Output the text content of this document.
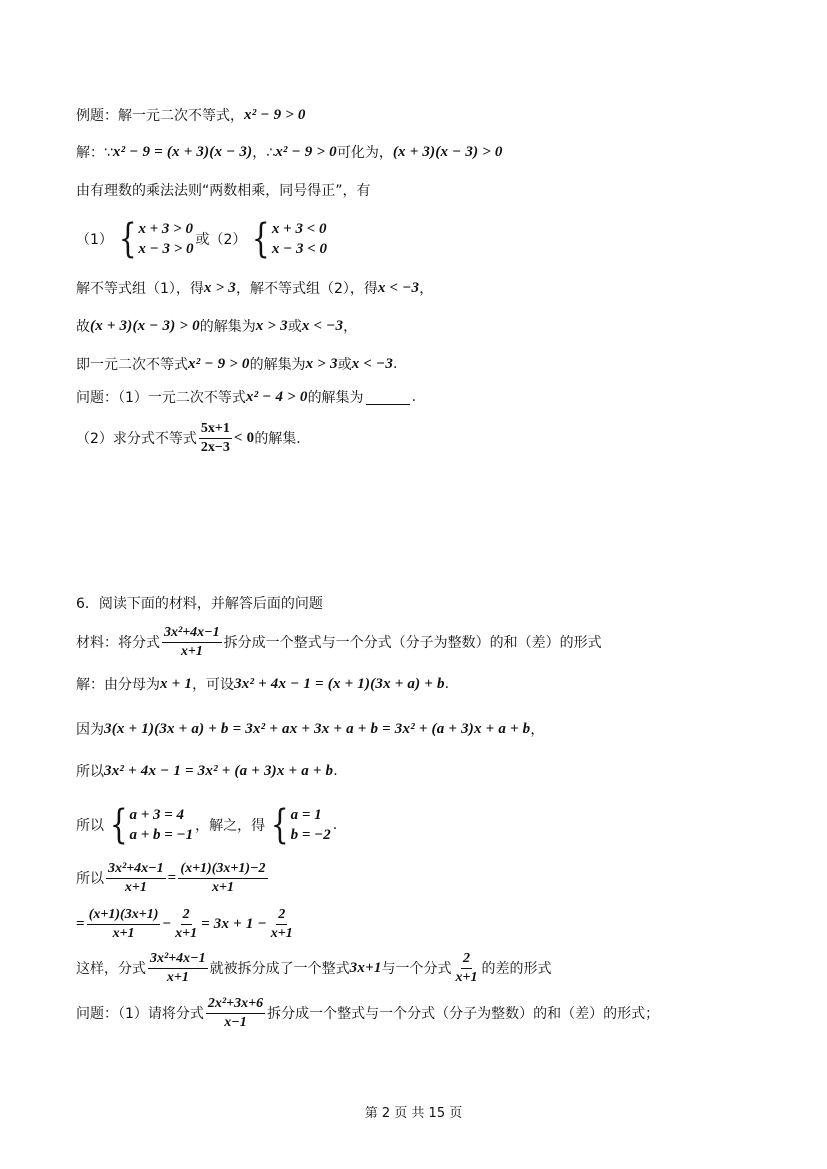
例题：解一元二次不等式， x² − 9 > 0
解：∵ x² − 9 = (x + 3)(x − 3) ，∴ x² − 9 > 0 可化为， (x + 3)(x − 3) > 0
由有理数的乘法法则“两数相乘，同号得正”，有
（1） { x + 3 > 0
x − 3 > 0
或（2） { x + 3 < 0
x − 3 < 0
解不等式组（1），得 x > 3 ，解不等式组（2），得 x < −3 ，
故 (x + 3)(x − 3) > 0 的解集为 x > 3 或 x < −3 ，
即一元二次不等式 x² − 9 > 0 的解集为 x > 3 或 x < −3 .
问题：（1）一元二次不等式 x² − 4 > 0 的解集为	.
（2）求分式不等式 $\frac{5x+1}{2x-3} < 0$ 的解集.
6．阅读下面的材料，并解答后面的问题
材料：将分式 $\frac{\text{3x²+4x−1}}{x+1}$ 拆分成一个整式与一个分式（分子为整数）的和（差）的形式
解：由分母为 x + 1 ，可设 3x² + 4x − 1 = (x + 1)(3x + a) + b .
因为 3(x + 1)(3x + a) + b = 3x² + ax + 3x + a + b = 3x² + (a + 3)x + a + b ，
所以 3x² + 4x − 1 = 3x² + (a + 3)x + a + b .
所以 { a + 3 = 4
a + b = −1
，解之，得 { a = 1
b = −2
.
所以 $\frac{\text{3x²+4x−1}}{x+1} = \frac{(x+1)(3x+1)-2}{x+1}$
= $\frac{(x+1)(3x+1)}{x+1} - \frac{2}{x+1} = 3x + 1 - \frac{2}{x+1}$
这样，分式 $\frac{\text{3x²+4x−1}}{x+1}$ 就被拆分成了一个整式 3x+1 与一个分式 $\frac{2}{x+1}$ 的差的形式
问题：（1）请将分式 $\frac{\text{2x²+3x+6}}{x-1}$ 拆分成一个整式与一个分式（分子为整数）的和（差）的形式；
第 2 页 共 15 页
